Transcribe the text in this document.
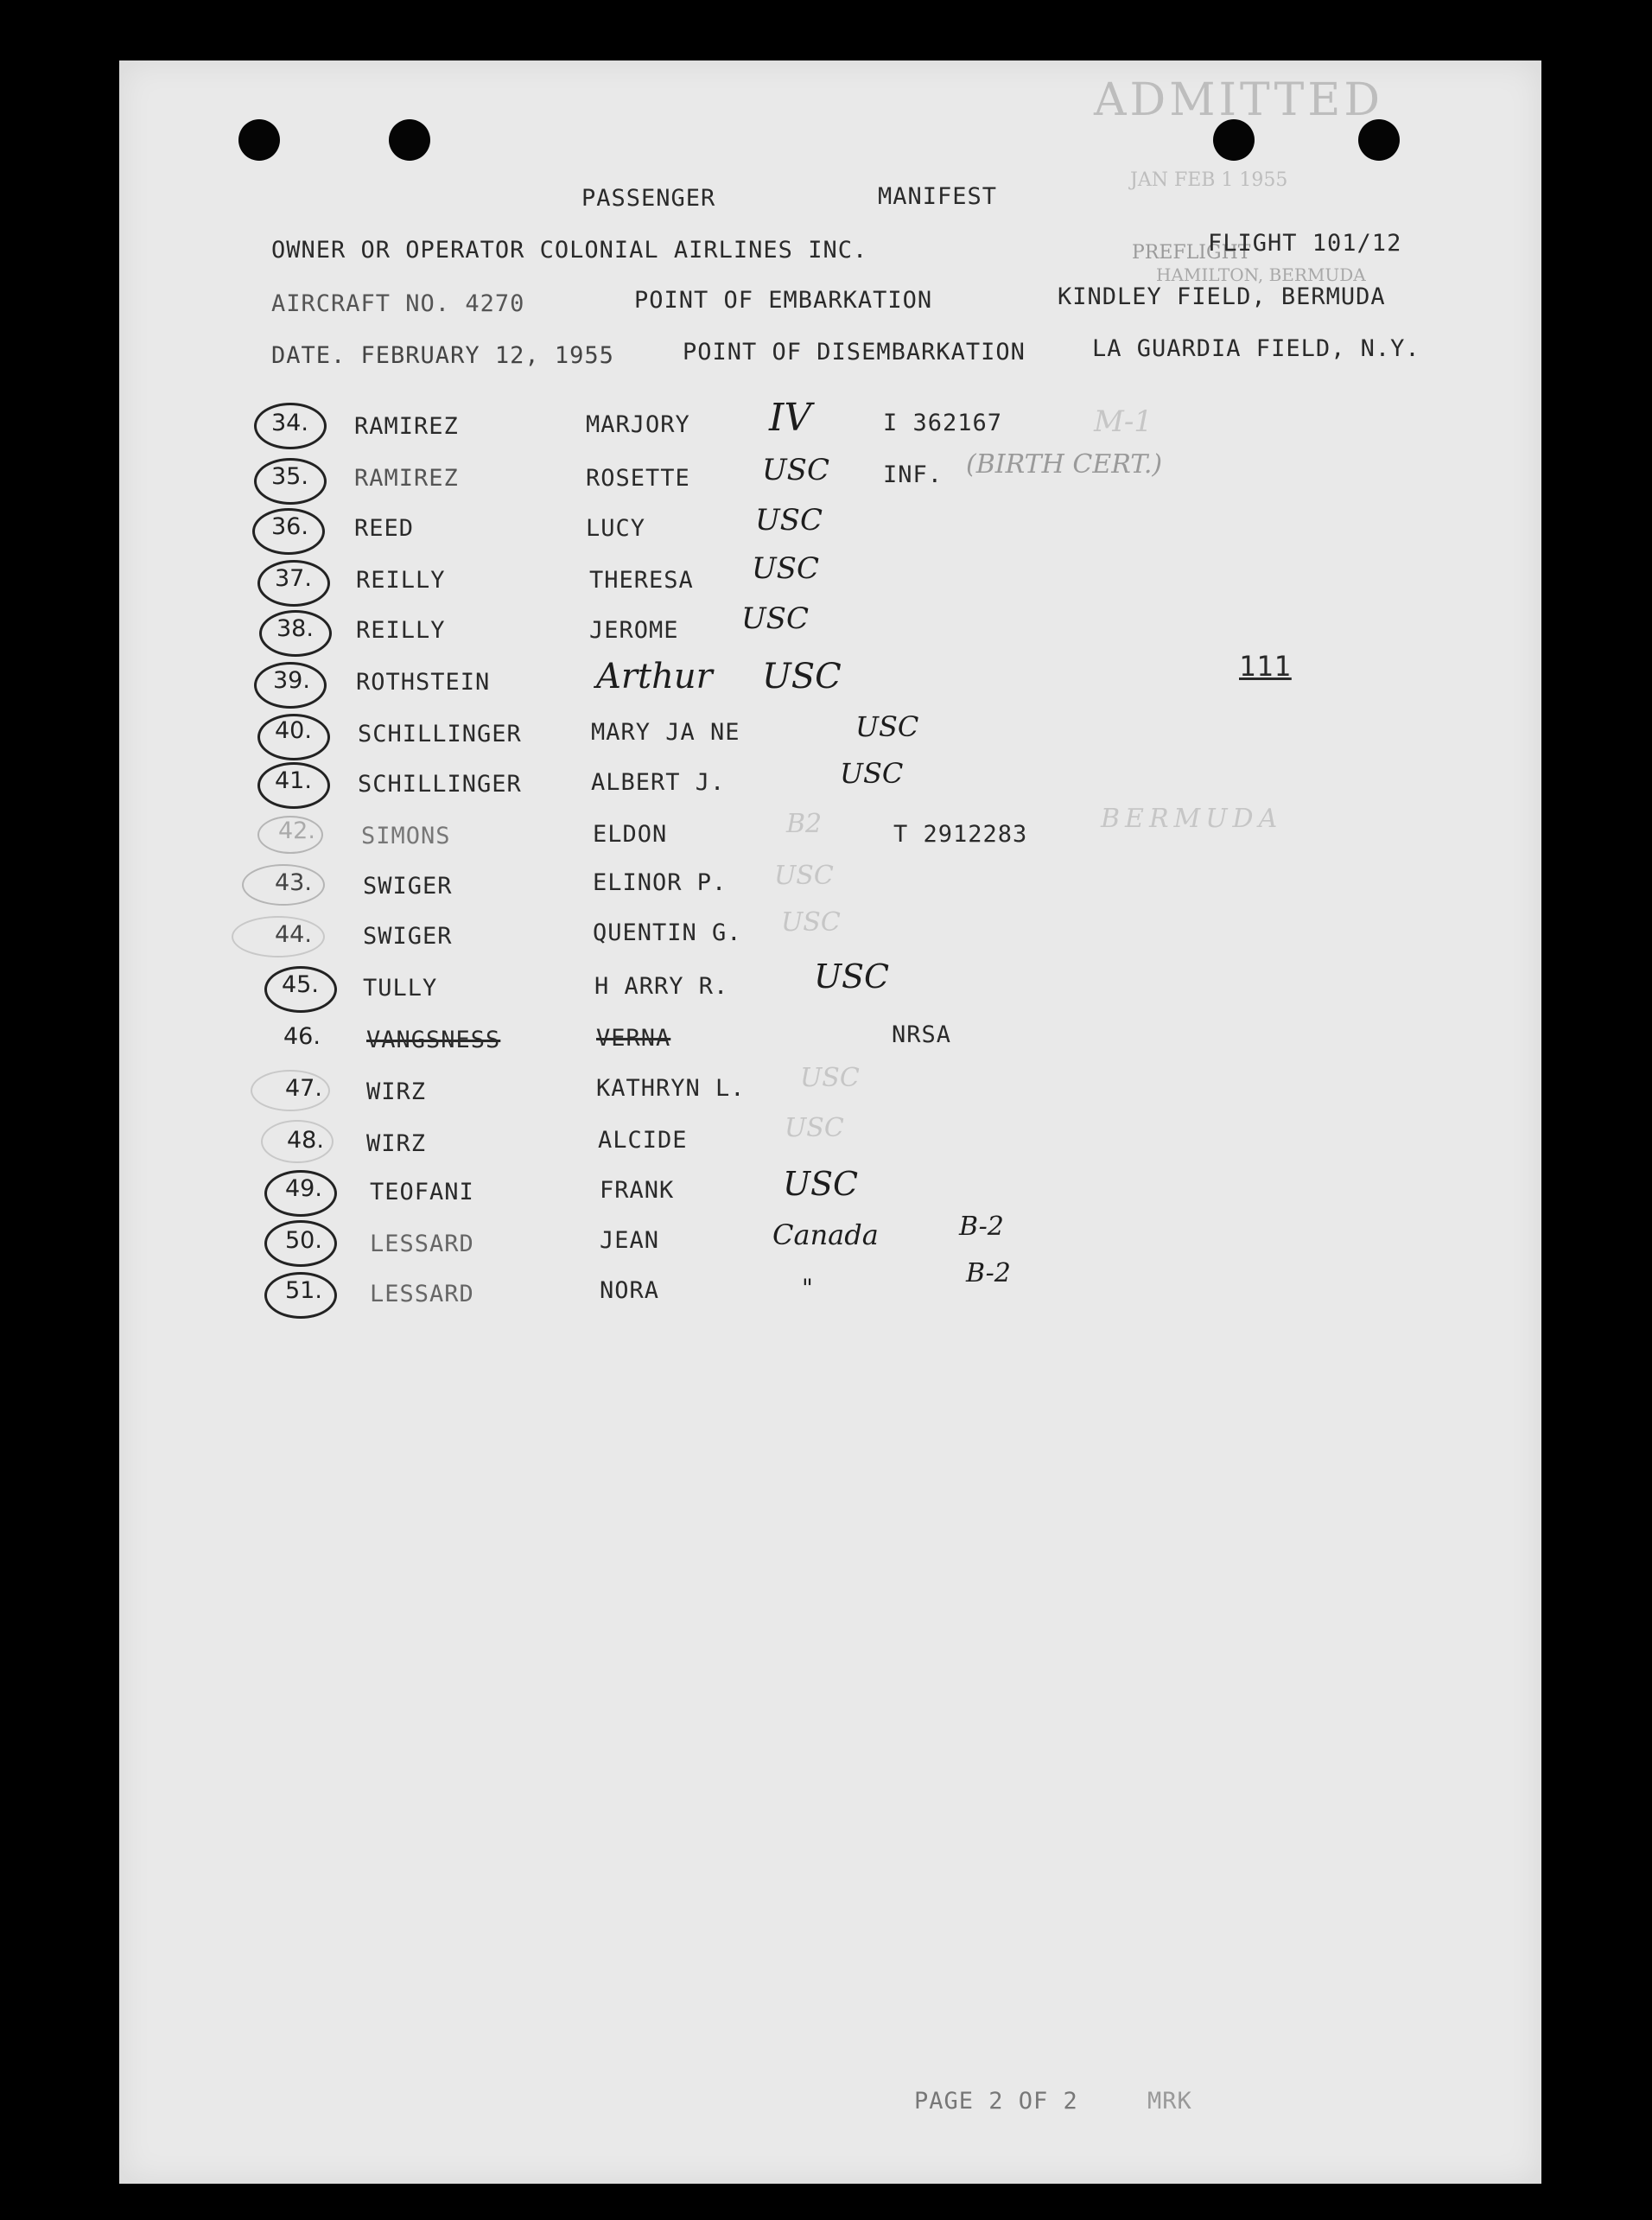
ADMITTED
JAN FEB 1 1955
PREFLIGHT
HAMILTON, BERMUDA
PASSENGER	MANIFEST
OWNER OR OPERATOR COLONIAL AIRLINES INC.	FLIGHT 101/12
AIRCRAFT NO. 4270	POINT OF EMBARKATION	KINDLEY FIELD, BERMUDA
DATE. FEBRUARY 12, 1955	POINT OF DISEMBARKATION	LA GUARDIA FIELD, N.Y.
111
34. RAMIREZ	MARJORY IV	I 362167	M-1
35. RAMIREZ	ROSETTE USC INF. (BIRTH CERT.)
36. REED	LUCY	USC
37. REILLY	THERESA USC
38. REILLY	JEROME USC
39. ROTHSTEIN	Arthur USC
40. SCHILLINGER	MARY JA NE	USC
41. SCHILLINGER	ALBERT J.	USC
42. SIMONS	ELDON	B2	T 2912283
BERMUDA
43. SWIGER	ELINOR P. USC
44. SWIGER	QUENTIN G. USC
45. TULLY	H ARRY R.	USC
46. VANGSNESS	VERNA	NRSA
47. WIRZ	KATHRYN L. USC
48. WIRZ	ALCIDE	USC
49. TEOFANI	FRANK	USC
50. LESSARD	JEAN	Canada	B-2
51. LESSARD	NORA	"	B-2
PAGE 2 OF 2	MRK
